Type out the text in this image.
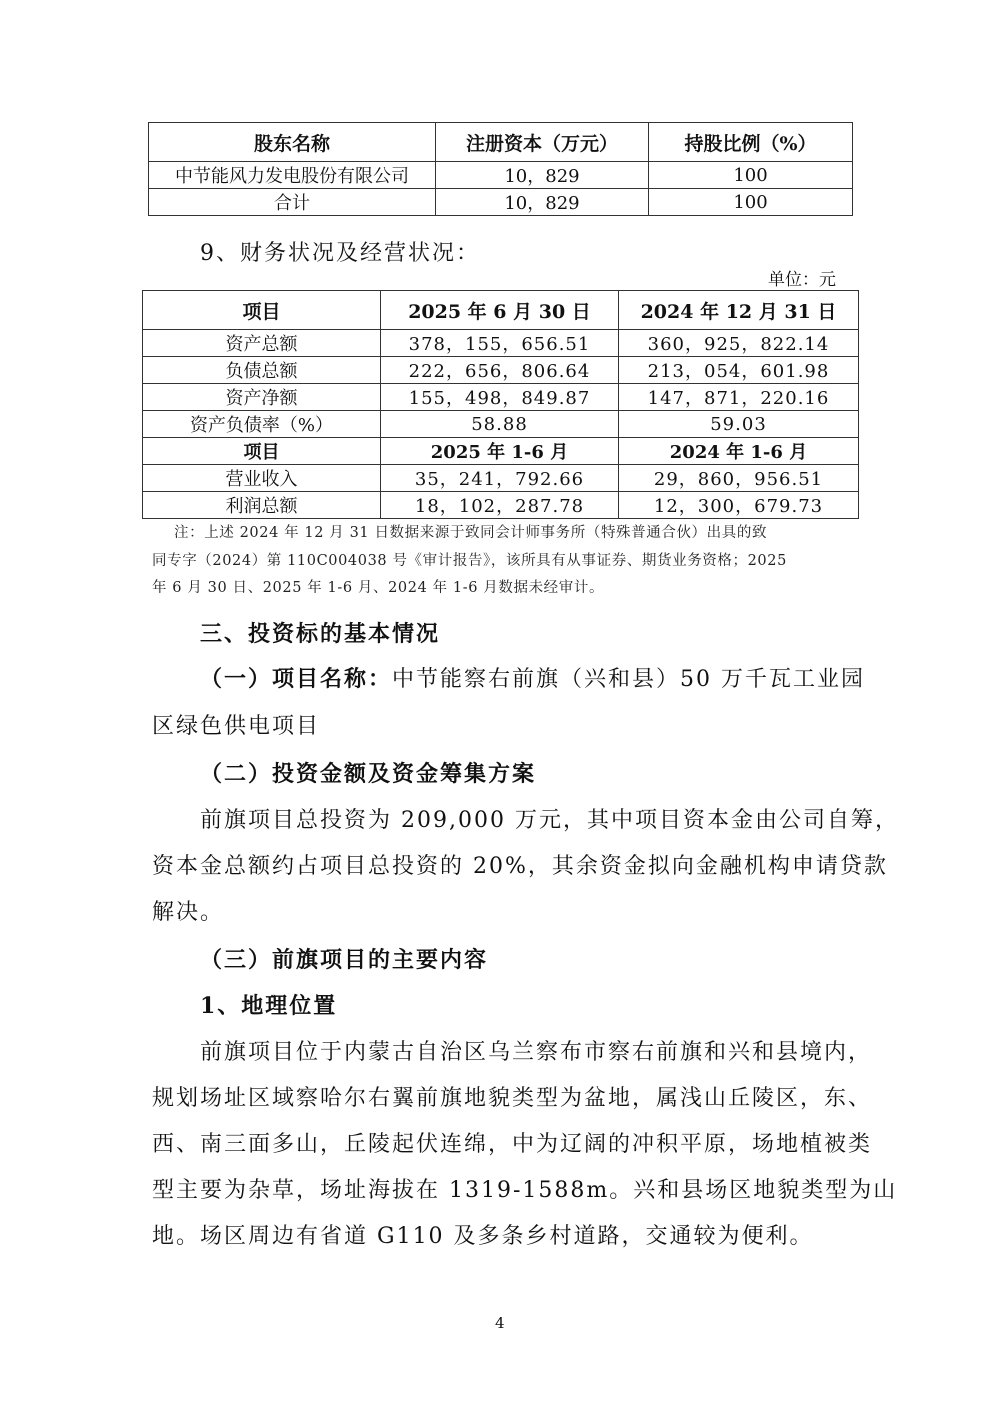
股东名称	注册资本（万元）	持股比例（%）
中节能风力发电股份有限公司	10，829	100
合计	10，829	100
9、财务状况及经营状况：
单位：元
项目	2025 年 6 月 30 日	2024 年 12 月 31 日
资产总额	378，155，656.51	360，925，822.14
负债总额	222，656，806.64	213，054，601.98
资产净额	155，498，849.87	147，871，220.16
资产负债率（%）	58.88	59.03
项目	2025 年 1-6 月	2024 年 1-6 月
营业收入	35，241，792.66	29，860，956.51
利润总额	18，102，287.78	12，300，679.73
注：上述 2024 年 12 月 31 日数据来源于致同会计师事务所（特殊普通合伙）出具的致
同专字（2024）第 110C004038 号《审计报告》，该所具有从事证券、期货业务资格；2025
年 6 月 30 日、2025 年 1-6 月、2024 年 1-6 月数据未经审计。
三、投资标的基本情况
（一）项目名称：中节能察右前旗（兴和县）50 万千瓦工业园
区绿色供电项目
（二）投资金额及资金筹集方案
前旗项目总投资为 209,000 万元，其中项目资本金由公司自筹，
资本金总额约占项目总投资的 20%，其余资金拟向金融机构申请贷款
解决。
（三）前旗项目的主要内容
1、地理位置
前旗项目位于内蒙古自治区乌兰察布市察右前旗和兴和县境内，
规划场址区域察哈尔右翼前旗地貌类型为盆地，属浅山丘陵区，东、
西、南三面多山，丘陵起伏连绵，中为辽阔的冲积平原，场地植被类
型主要为杂草，场址海拔在 1319-1588m。兴和县场区地貌类型为山
地。场区周边有省道 G110 及多条乡村道路，交通较为便利。
4
